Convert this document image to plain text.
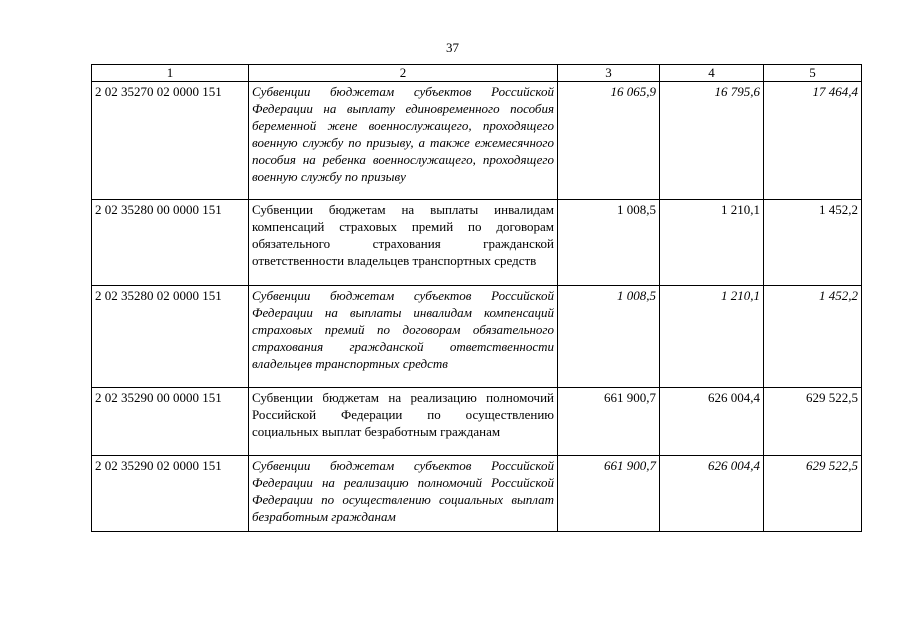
37
1	2	3	4	5
2 02 35270 02 0000 151	Субвенции бюджетам субъектов Российской Федерации на выплату единовременного пособия беременной жене военнослужащего, проходящего военную службу по призыву, а также ежемесячного пособия на ребенка военнослужащего, проходящего военную службу по призыву	16 065,9	16 795,6	17 464,4
2 02 35280 00 0000 151	Субвенции бюджетам на выплаты инвалидам компенсаций страховых премий по договорам обязательного страхования гражданской ответственности владельцев транспортных средств	1 008,5	1 210,1	1 452,2
2 02 35280 02 0000 151	Субвенции бюджетам субъектов Российской Федерации на выплаты инвалидам компенсаций страховых премий по договорам обязательного страхования гражданской ответственности владельцев транспортных средств	1 008,5	1 210,1	1 452,2
2 02 35290 00 0000 151	Субвенции бюджетам на реализацию полномочий Российской Федерации по осуществлению социальных выплат безработным гражданам	661 900,7	626 004,4	629 522,5
2 02 35290 02 0000 151	Субвенции бюджетам субъектов Российской Федерации на реализацию полномочий Российской Федерации по осуществлению социальных выплат безработным гражданам	661 900,7	626 004,4	629 522,5
